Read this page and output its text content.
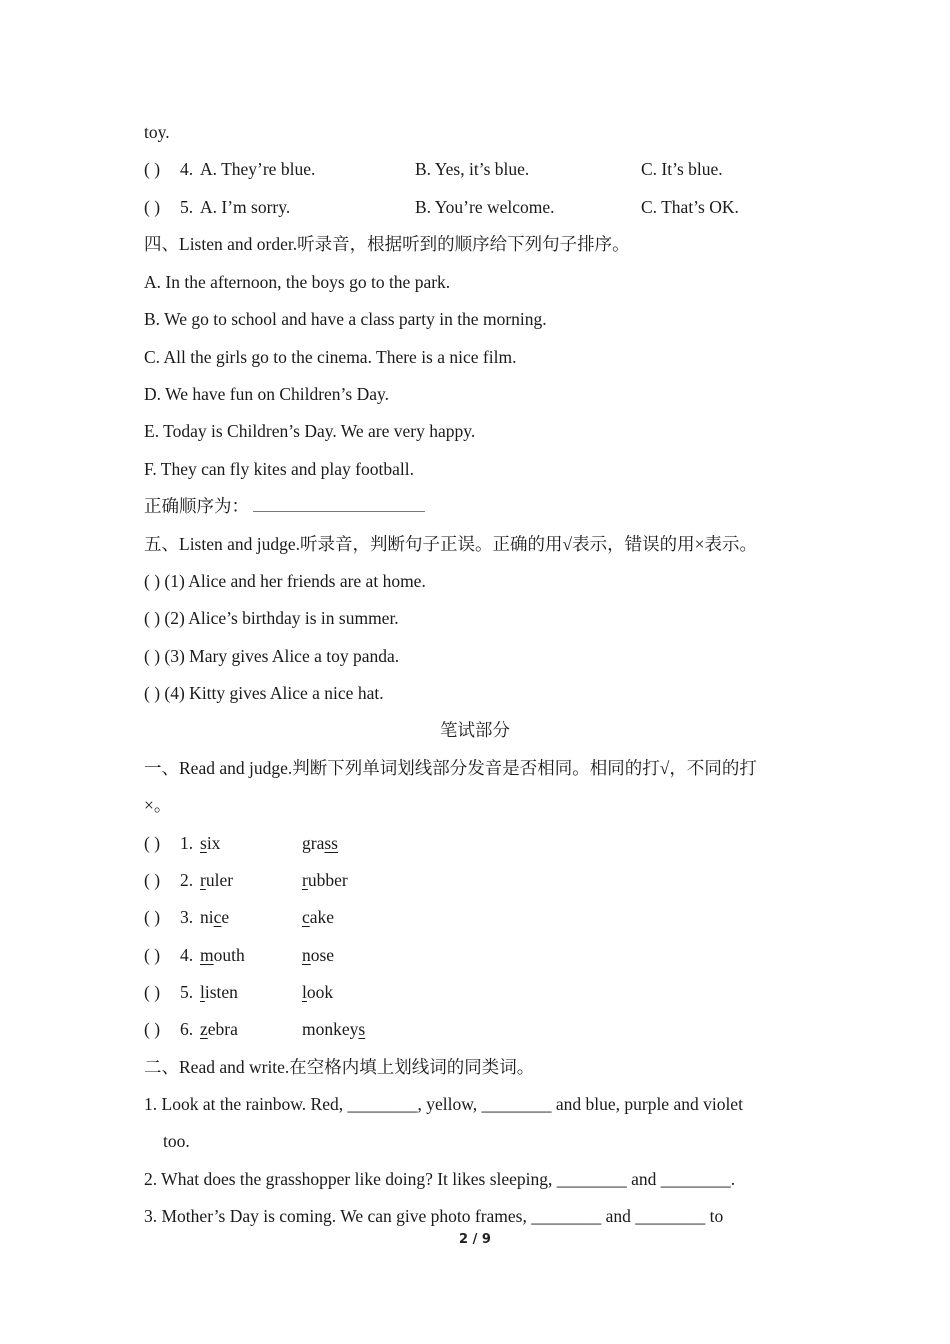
toy.
( ) 4. A. They’re blue.	B. Yes, it’s blue.	C. It’s blue.
( ) 5. A. I’m sorry.	B. You’re welcome.	C. That’s OK.
四、Listen and order.听录音，根据听到的顺序给下列句子排序。
A. In the afternoon, the boys go to the park.
B. We go to school and have a class party in the morning.
C. All the girls go to the cinema. There is a nice film.
D. We have fun on Children’s Day.
E. Today is Children’s Day. We are very happy.
F. They can fly kites and play football.
正确顺序为：
五、Listen and judge.听录音，判断句子正误。正确的用√表示，错误的用×表示。
( ) (1) Alice and her friends are at home.
( ) (2) Alice’s birthday is in summer.
( ) (3) Mary gives Alice a toy panda.
( ) (4) Kitty gives Alice a nice hat.
笔试部分
一、Read and judge.判断下列单词划线部分发音是否相同。相同的打√，不同的打
×。
( ) 1. six	grass
( ) 2. ruler	rubber
( ) 3. nice	cake
( ) 4. mouth	nose
( ) 5. listen	look
( ) 6. zebra	monkeys
二、Read and write.在空格内填上划线词的同类词。
1. Look at the rainbow. Red, ________, yellow, ________ and blue, purple and violet
too.
2. What does the grasshopper like doing? It likes sleeping, ________ and ________.
3. Mother’s Day is coming. We can give photo frames, ________ and ________ to
2 / 9
